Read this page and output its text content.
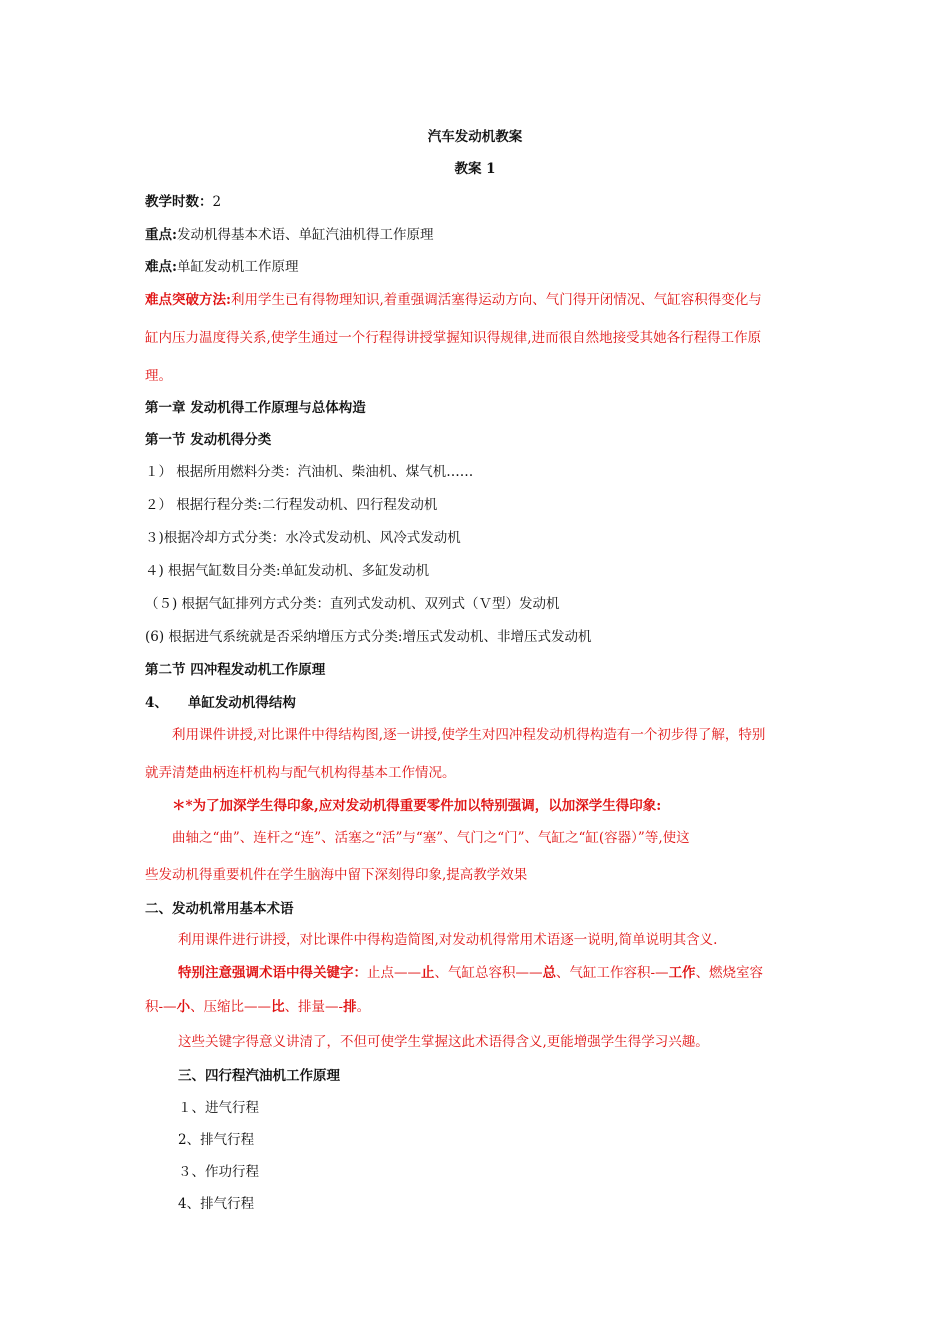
汽车发动机教案
教案 1
教学时数：2
重点:发动机得基本术语、单缸汽油机得工作原理
难点:单缸发动机工作原理
难点突破方法:利用学生已有得物理知识,着重强调活塞得运动方向、气门得开闭情况、气缸容积得变化与
缸内压力温度得关系,使学生通过一个行程得讲授掌握知识得规律,进而很自然地接受其她各行程得工作原
理。
第一章 发动机得工作原理与总体构造
第一节 发动机得分类
１） 根据所用燃料分类：汽油机、柴油机、煤气机……
２） 根据行程分类:二行程发动机、四行程发动机
３)根据冷却方式分类：水冷式发动机、风冷式发动机
４) 根据气缸数目分类:单缸发动机、多缸发动机
（５) 根据气缸排列方式分类：直列式发动机、双列式（Ｖ型）发动机
(6) 根据进气系统就是否采纳增压方式分类:增压式发动机、非增压式发动机
第二节 四冲程发动机工作原理
4、 单缸发动机得结构
利用课件讲授,对比课件中得结构图,逐一讲授,使学生对四冲程发动机得构造有一个初步得了解，特别
就弄清楚曲柄连杆机构与配气机构得基本工作情况。
＊*为了加深学生得印象,应对发动机得重要零件加以特别强调，以加深学生得印象:
曲轴之“曲”、连杆之“连”、活塞之“活”与“塞”、气门之“门”、气缸之“缸(容器）”等,使这
些发动机得重要机件在学生脑海中留下深刻得印象,提高教学效果
二、发动机常用基本术语
利用课件进行讲授，对比课件中得构造简图,对发动机得常用术语逐一说明,简单说明其含义.
特别注意强调术语中得关键字：止点——止、气缸总容积——总、气缸工作容积-—工作、燃烧室容
积-—小、压缩比——比、排量—-排。
这些关键字得意义讲清了，不但可使学生掌握这此术语得含义,更能增强学生得学习兴趣。
三、四行程汽油机工作原理
１、进气行程
2、排气行程
３、作功行程
4、排气行程
